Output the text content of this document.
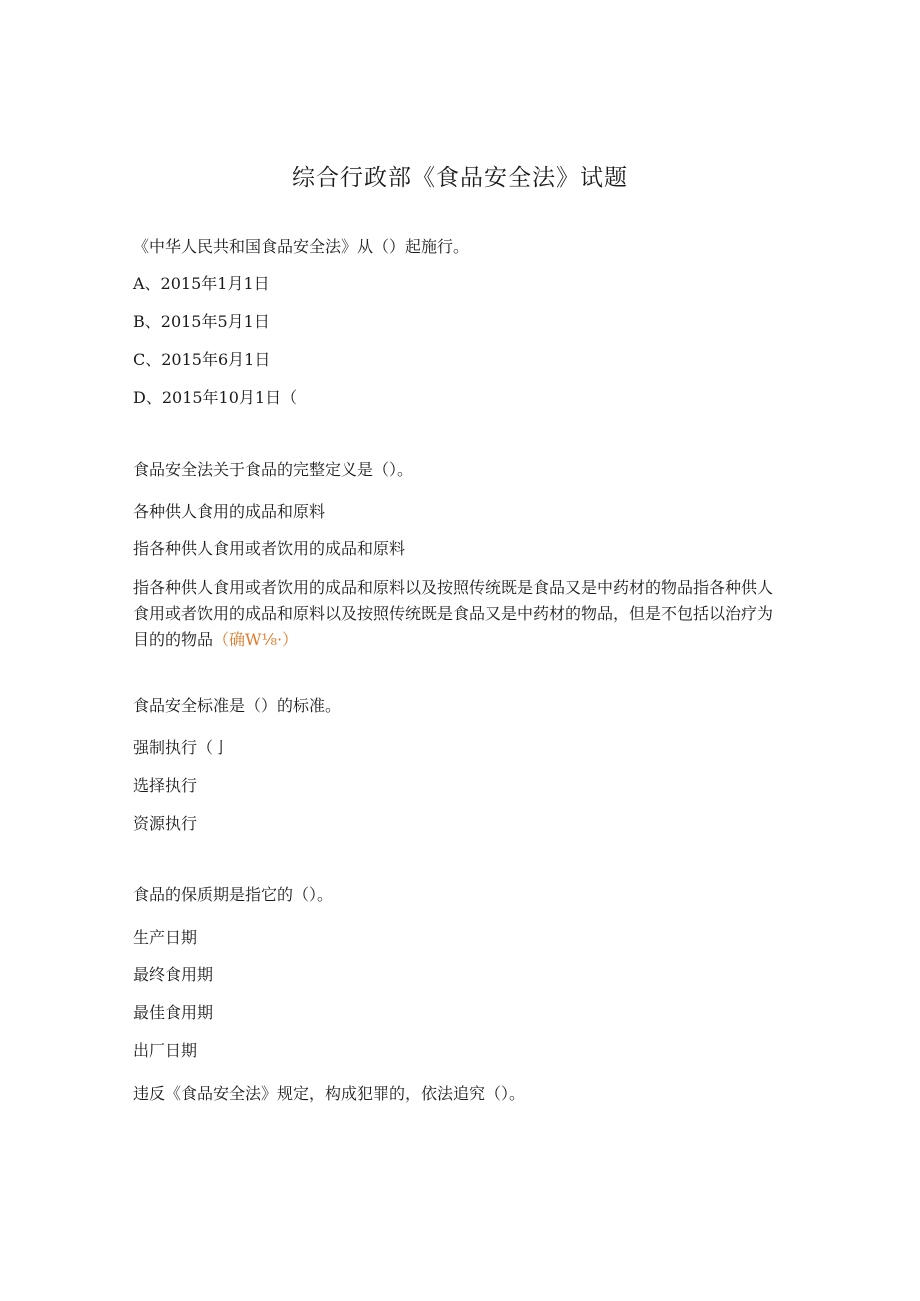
综合行政部《食品安全法》试题
《中华人民共和国食品安全法》从（）起施行。
A、2015年1月1日
B、2015年5月1日
C、2015年6月1日
D、2015年10月1日（
食品安全法关于食品的完整定义是（）。
各种供人食用的成品和原料
指各种供人食用或者饮用的成品和原料
指各种供人食用或者饮用的成品和原料以及按照传统既是食品又是中药材的物品指各种供人食用或者饮用的成品和原料以及按照传统既是食品又是中药材的物品，但是不包括以治疗为目的的物品（确W⅛·）
食品安全标准是（）的标准。
强制执行（亅
选择执行
资源执行
食品的保质期是指它的（）。
生产日期
最终食用期
最佳食用期
出厂日期
违反《食品安全法》规定，构成犯罪的，依法追究（）。
